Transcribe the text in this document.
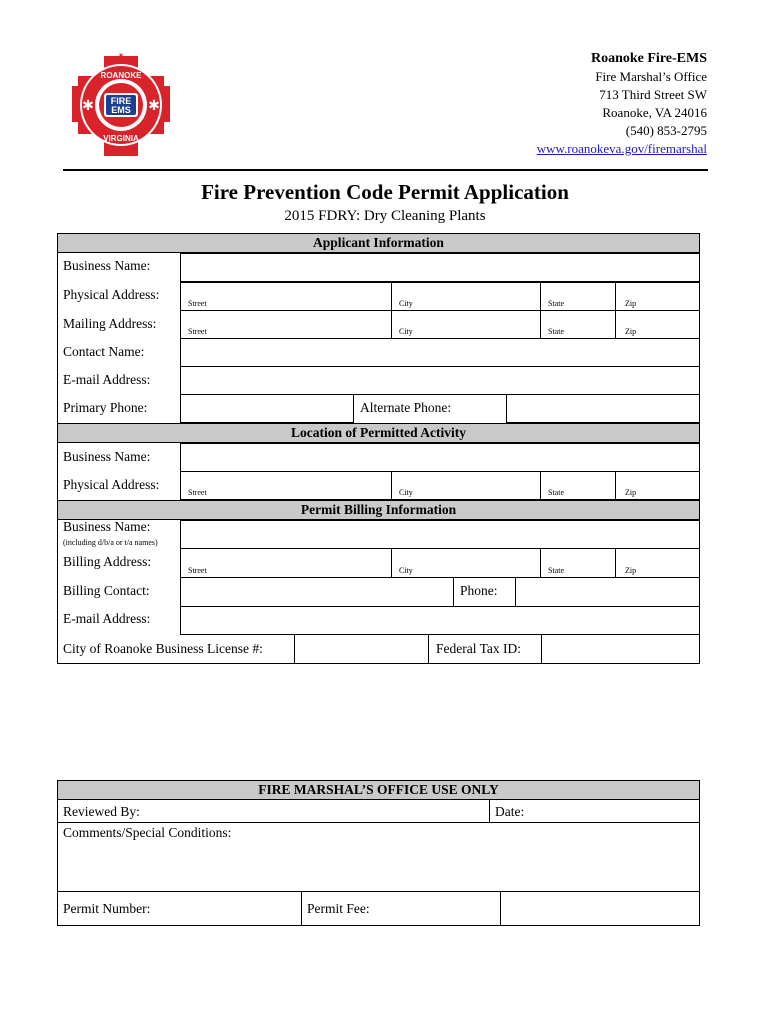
ROANOKE
VIRGINIA
FIRE
EMS
✱	✱
✶	Roanoke Fire-EMS
Fire Marshal’s Office
713 Third Street SW
Roanoke, VA 24016
(540) 853-2795
www.roanokeva.gov/firemarshal
Fire Prevention Code Permit Application
2015 FDRY: Dry Cleaning Plants
Applicant Information
Business Name:
Physical Address:
Street	City	State	Zip
Mailing Address:
Street	City	State	Zip
Contact Name:
E-mail Address:
Primary Phone:	Alternate Phone:
Location of Permitted Activity
Business Name:
Physical Address:
Street	City	State	Zip
Permit Billing Information
Business Name:
(including d/b/a or t/a names)
Billing Address:
Street	City	State	Zip
Billing Contact:	Phone:
E-mail Address:
City of Roanoke Business License #:	Federal Tax ID:
FIRE MARSHAL’S OFFICE USE ONLY
Reviewed By:	Date:
Comments/Special Conditions:
Permit Number:	Permit Fee:
